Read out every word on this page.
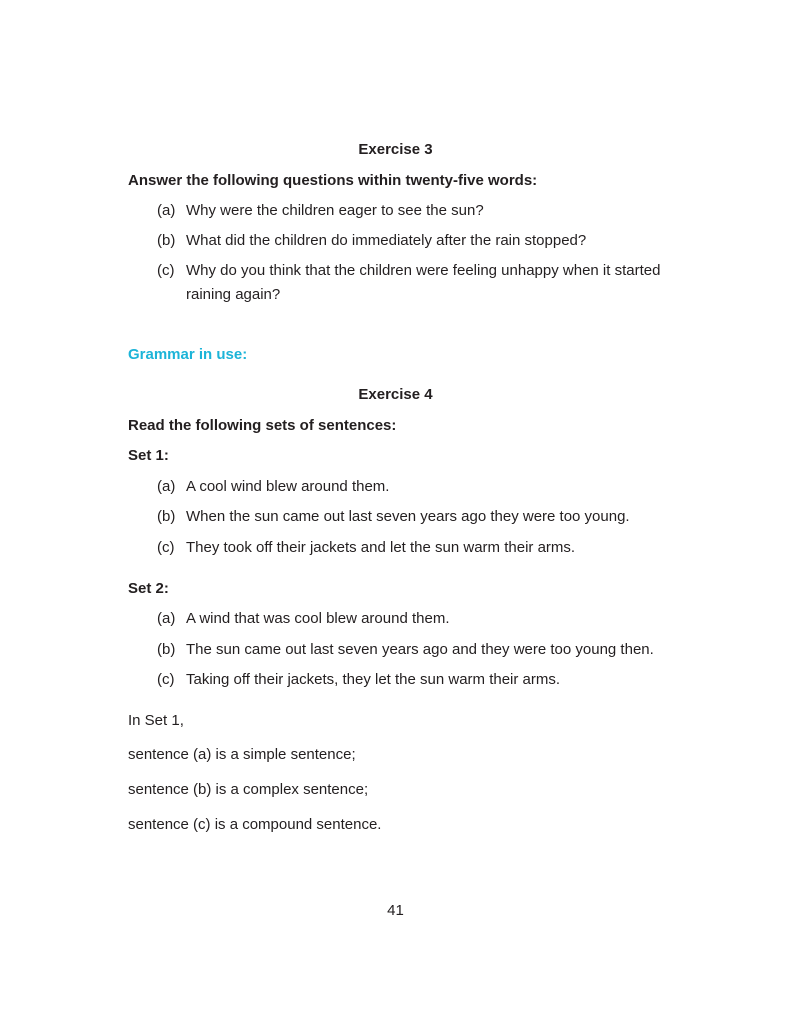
Exercise 3
Answer the following questions within twenty-five words:
(a) Why were the children eager to see the sun?
(b) What did the children do immediately after the rain stopped?
(c) Why do you think that the children were feeling unhappy when it started
raining again?
Grammar in use:
Exercise 4
Read the following sets of sentences:
Set 1:
(a) A cool wind blew around them.
(b) When the sun came out last seven years ago they were too young.
(c) They took off their jackets and let the sun warm their arms.
Set 2:
(a) A wind that was cool blew around them.
(b) The sun came out last seven years ago and they were too young then.
(c) Taking off their jackets, they let the sun warm their arms.
In Set 1,
sentence (a) is a simple sentence;
sentence (b) is a complex sentence;
sentence (c) is a compound sentence.
41
